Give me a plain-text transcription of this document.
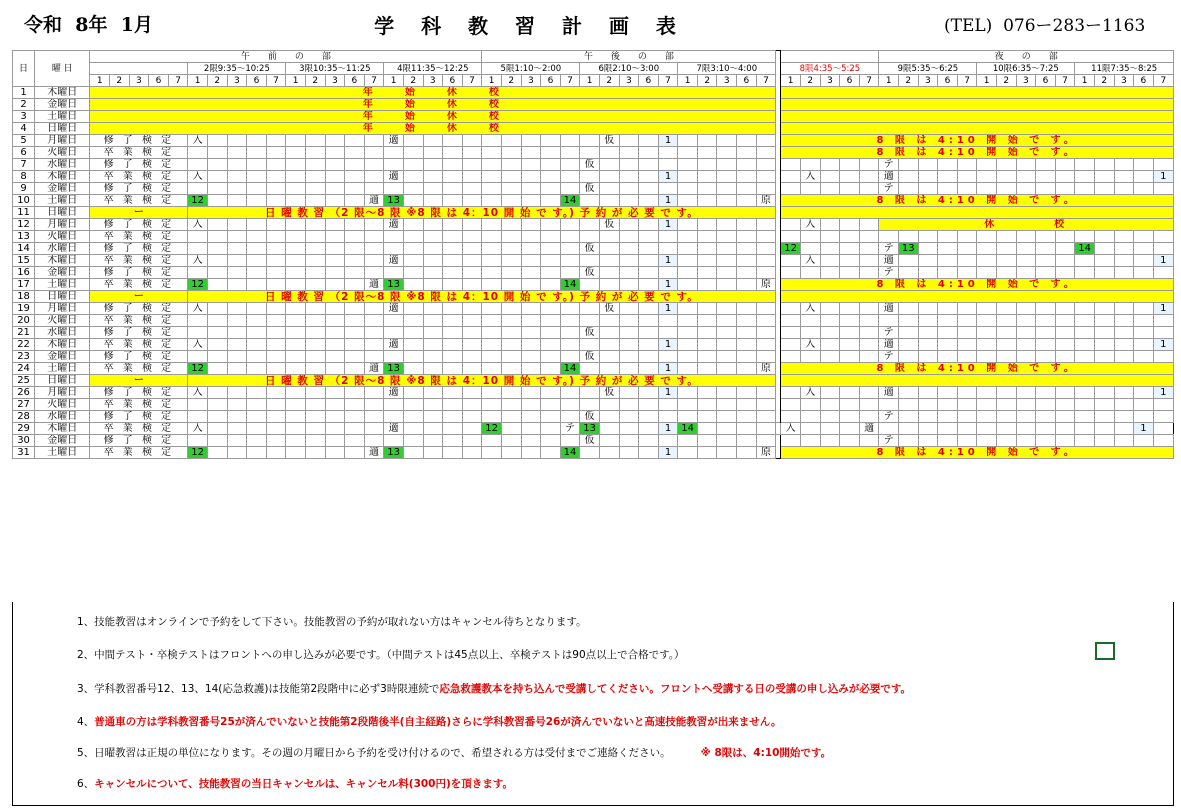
令和  8年  1月	学 科 教 習 計 画 表	(TEL)  076ー283ー1163
日	曜 日	午　　前　　の　　部																				午　　後　　の　　部																					夜　　の　　部														
							2限9:35〜10:25					3限10:35〜11:25					4限11:35〜12:25					5限1:10〜2:00					6限2:10〜3:00					7限3:10〜4:00						8限4:35〜5:25					9限5:35〜6:25					10限6:35〜7:25					11限7:35〜8:25				
		1	2	3	6	7	1	2	3	6	7	1	2	3	6	7	1	2	3	6	7	1	2	3	6	7	1	2	3	6	7	1	2	3	6	7		1	2	3	6	7	1	2	3	6	7	1	2	3	6	7	1	2	3	6	7
1	木曜日	年　　始　　休　　校																																																							
2	金曜日	年　　始　　休　　校																																																							
3	土曜日	年　　始　　休　　校																																																							
4	日曜日	年　　始　　休　　校																																																							
5	月曜日	修 了 検 定					入										適											仮			1							8 限 は 4:10 開 始 で す。																			
6	火曜日	卒 業 検 定																																				8 限 は 4:10 開 始 で す。																			
7	水曜日	修 了 検 定																									仮																テ														
8	木曜日	卒 業 検 定					入										適														1								入				適														1
9	金曜日	修 了 検 定																									仮																テ														
10	土曜日	卒 業 検 定					12									適	13									14					1					原		8 限 は 4:10 開 始 で す。																			
11	日曜日	ー					日 曜 教 習 （2 限〜8 限 ※8 限 は 4：10 開 始 で す。) 予 約 が 必 要 で す。																																																		
12	月曜日	修 了 検 定					入										適											仮			1								入				休　　　　校														
13	火曜日	卒 業 検 定																																																							
14	水曜日	修 了 検 定																									仮											12					テ	13									14				
15	木曜日	卒 業 検 定					入										適														1								入				適														1
16	金曜日	修 了 検 定																									仮																テ														
17	土曜日	卒 業 検 定					12									適	13									14					1					原		8 限 は 4:10 開 始 で す。																			
18	日曜日	ー					日 曜 教 習 （2 限〜8 限 ※8 限 は 4：10 開 始 で す。) 予 約 が 必 要 で す。																																																		
19	月曜日	修 了 検 定					入										適											仮			1								入				適														1
20	火曜日	卒 業 検 定																																																							
21	水曜日	修 了 検 定																									仮																テ														
22	木曜日	卒 業 検 定					入										適														1								入				適														1
23	金曜日	修 了 検 定																									仮																テ														
24	土曜日	卒 業 検 定					12									適	13									14					1					原		8 限 は 4:10 開 始 で す。																			
25	日曜日	ー					日 曜 教 習 （2 限〜8 限 ※8 限 は 4：10 開 始 で す。) 予 約 が 必 要 で す。																																																		
26	月曜日	修 了 検 定					入										適											仮			1								入				適														1
27	火曜日	卒 業 検 定																																																							
28	水曜日	修 了 検 定																									仮																テ														
29	木曜日	卒 業 検 定					入										適					12				テ	13				1	14						入				適														1	
30	金曜日	修 了 検 定																									仮																テ														
31	土曜日	卒 業 検 定					12									適	13									14					1					原		8 限 は 4:10 開 始 で す。																			
1、技能教習はオンラインで予約をして下さい。技能教習の予約が取れない方はキャンセル待ちとなります。
2、中間テスト・卒検テストはフロントへの申し込みが必要です。（中間テストは45点以上、卒検テストは90点以上で合格です。）
3、学科教習番号12、13、14(応急救護)は技能第2段階中に必ず3時限連続で応急救護教本を持ち込んで受講してください。フロントへ受講する日の受講の申し込みが必要です。
4、普通車の方は学科教習番号25が済んでいないと技能第2段階後半(自主経路)さらに学科教習番号26が済んでいないと高速技能教習が出来ません。
5、日曜教習は正規の単位になります。その週の月曜日から予約を受け付けるので、希望される方は受付までご連絡ください。	※ 8限は、4:10開始です。
6、キャンセルについて、技能教習の当日キャンセルは、キャンセル料(300円)を頂きます。
